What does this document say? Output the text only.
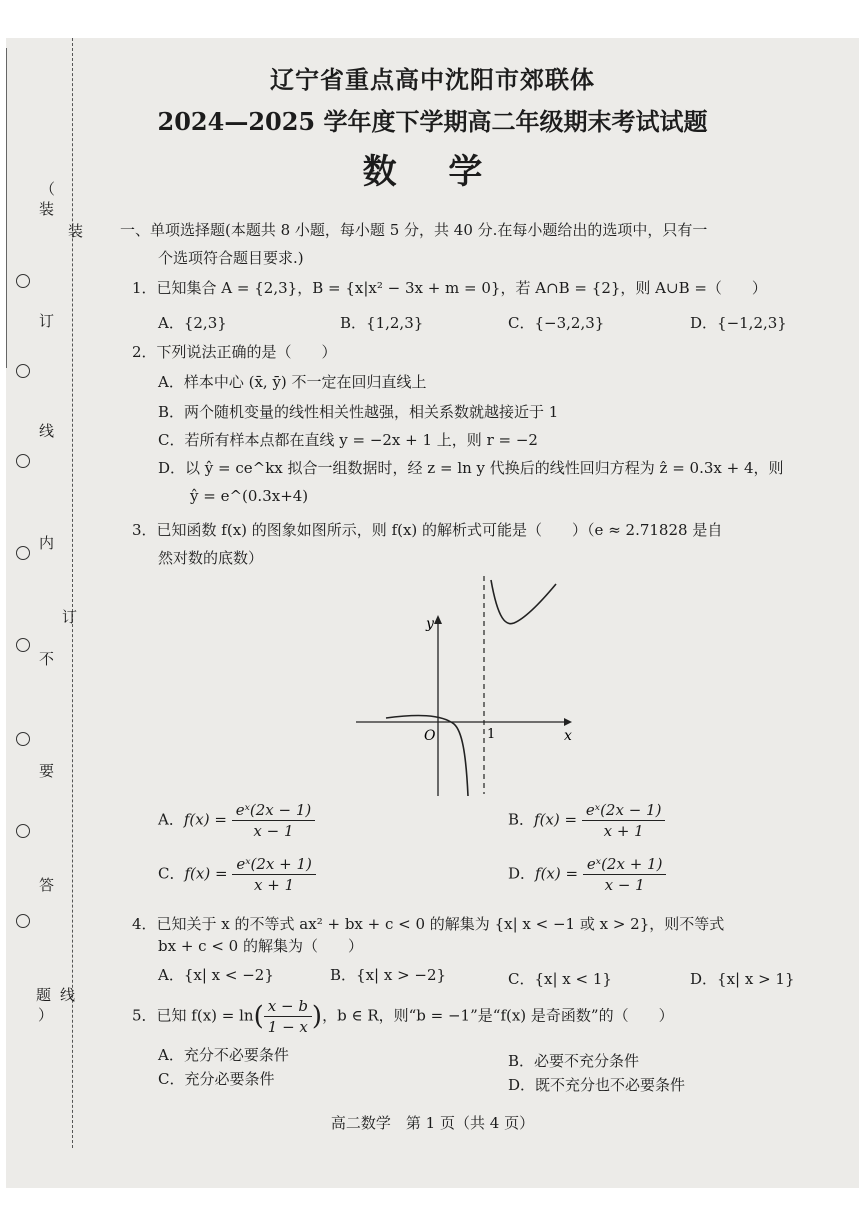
（
装
装
订
线
内
订
不
要
答
题 线
）
辽宁省重点高中沈阳市郊联体
2024—2025 学年度下学期高二年级期末考试试题
数 学
一、单项选择题(本题共 8 小题，每小题 5 分，共 40 分.在每小题给出的选项中，只有一
个选项符合题目要求.)
1．已知集合 A = {2,3}，B = {x|x² − 3x + m = 0}，若 A∩B = {2}，则 A∪B =（　　）
A．{2,3}	B．{1,2,3}	C．{−3,2,3}	D．{−1,2,3}
2．下列说法正确的是（　　）
A．样本中心 (x̄, ȳ) 不一定在回归直线上
B．两个随机变量的线性相关性越强，相关系数就越接近于 1
C．若所有样本点都在直线 y = −2x + 1 上，则 r = −2
D．以 ŷ = ce^kx 拟合一组数据时，经 z = ln y 代换后的线性回归方程为 ẑ = 0.3x + 4，则
ŷ = e^(0.3x+4)
3．已知函数 f(x) 的图象如图所示，则 f(x) 的解析式可能是（　　）（e ≈ 2.71828 是自
然对数的底数）
y
x
O	1
A．$f(x) = \frac{\text{eˣ(2x − 1)}}{x - 1}$	B．$f(x) = \frac{\text{eˣ(2x − 1)}}{x + 1}$
C．$f(x) = \frac{\text{eˣ(2x + 1)}}{x + 1}$	D．$f(x) = \frac{\text{eˣ(2x + 1)}}{x - 1}$
4．已知关于 x 的不等式 ax² + bx + c < 0 的解集为 {x| x < −1 或 x > 2}，则不等式
bx + c < 0 的解集为（　　）
A．{x| x < −2}	B．{x| x > −2}	C．{x| x < 1}	D．{x| x > 1}
5．已知 $f(x) = \ln( \frac{x - b}{1 - x}$ )，b ∈ R，则“b = −1”是“f(x) 是奇函数”的（　　）
A．充分不必要条件	B．必要不充分条件
C．充分必要条件	D．既不充分也不必要条件
高二数学　第 1 页（共 4 页）
